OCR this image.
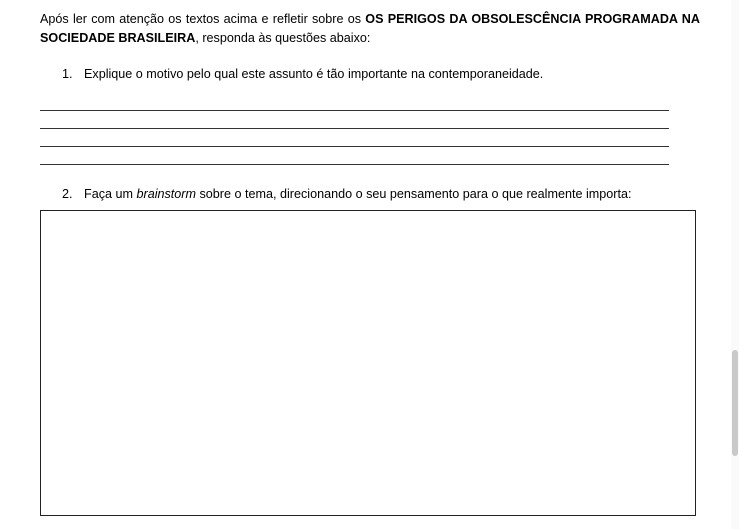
Após ler com atenção os textos acima e refletir sobre os OS PERIGOS DA OBSOLESCÊNCIA PROGRAMADA NA SOCIEDADE BRASILEIRA, responda às questões abaixo:
1. Explique o motivo pelo qual este assunto é tão importante na contemporaneidade.
2. Faça um brainstorm sobre o tema, direcionando o seu pensamento para o que realmente importa:
